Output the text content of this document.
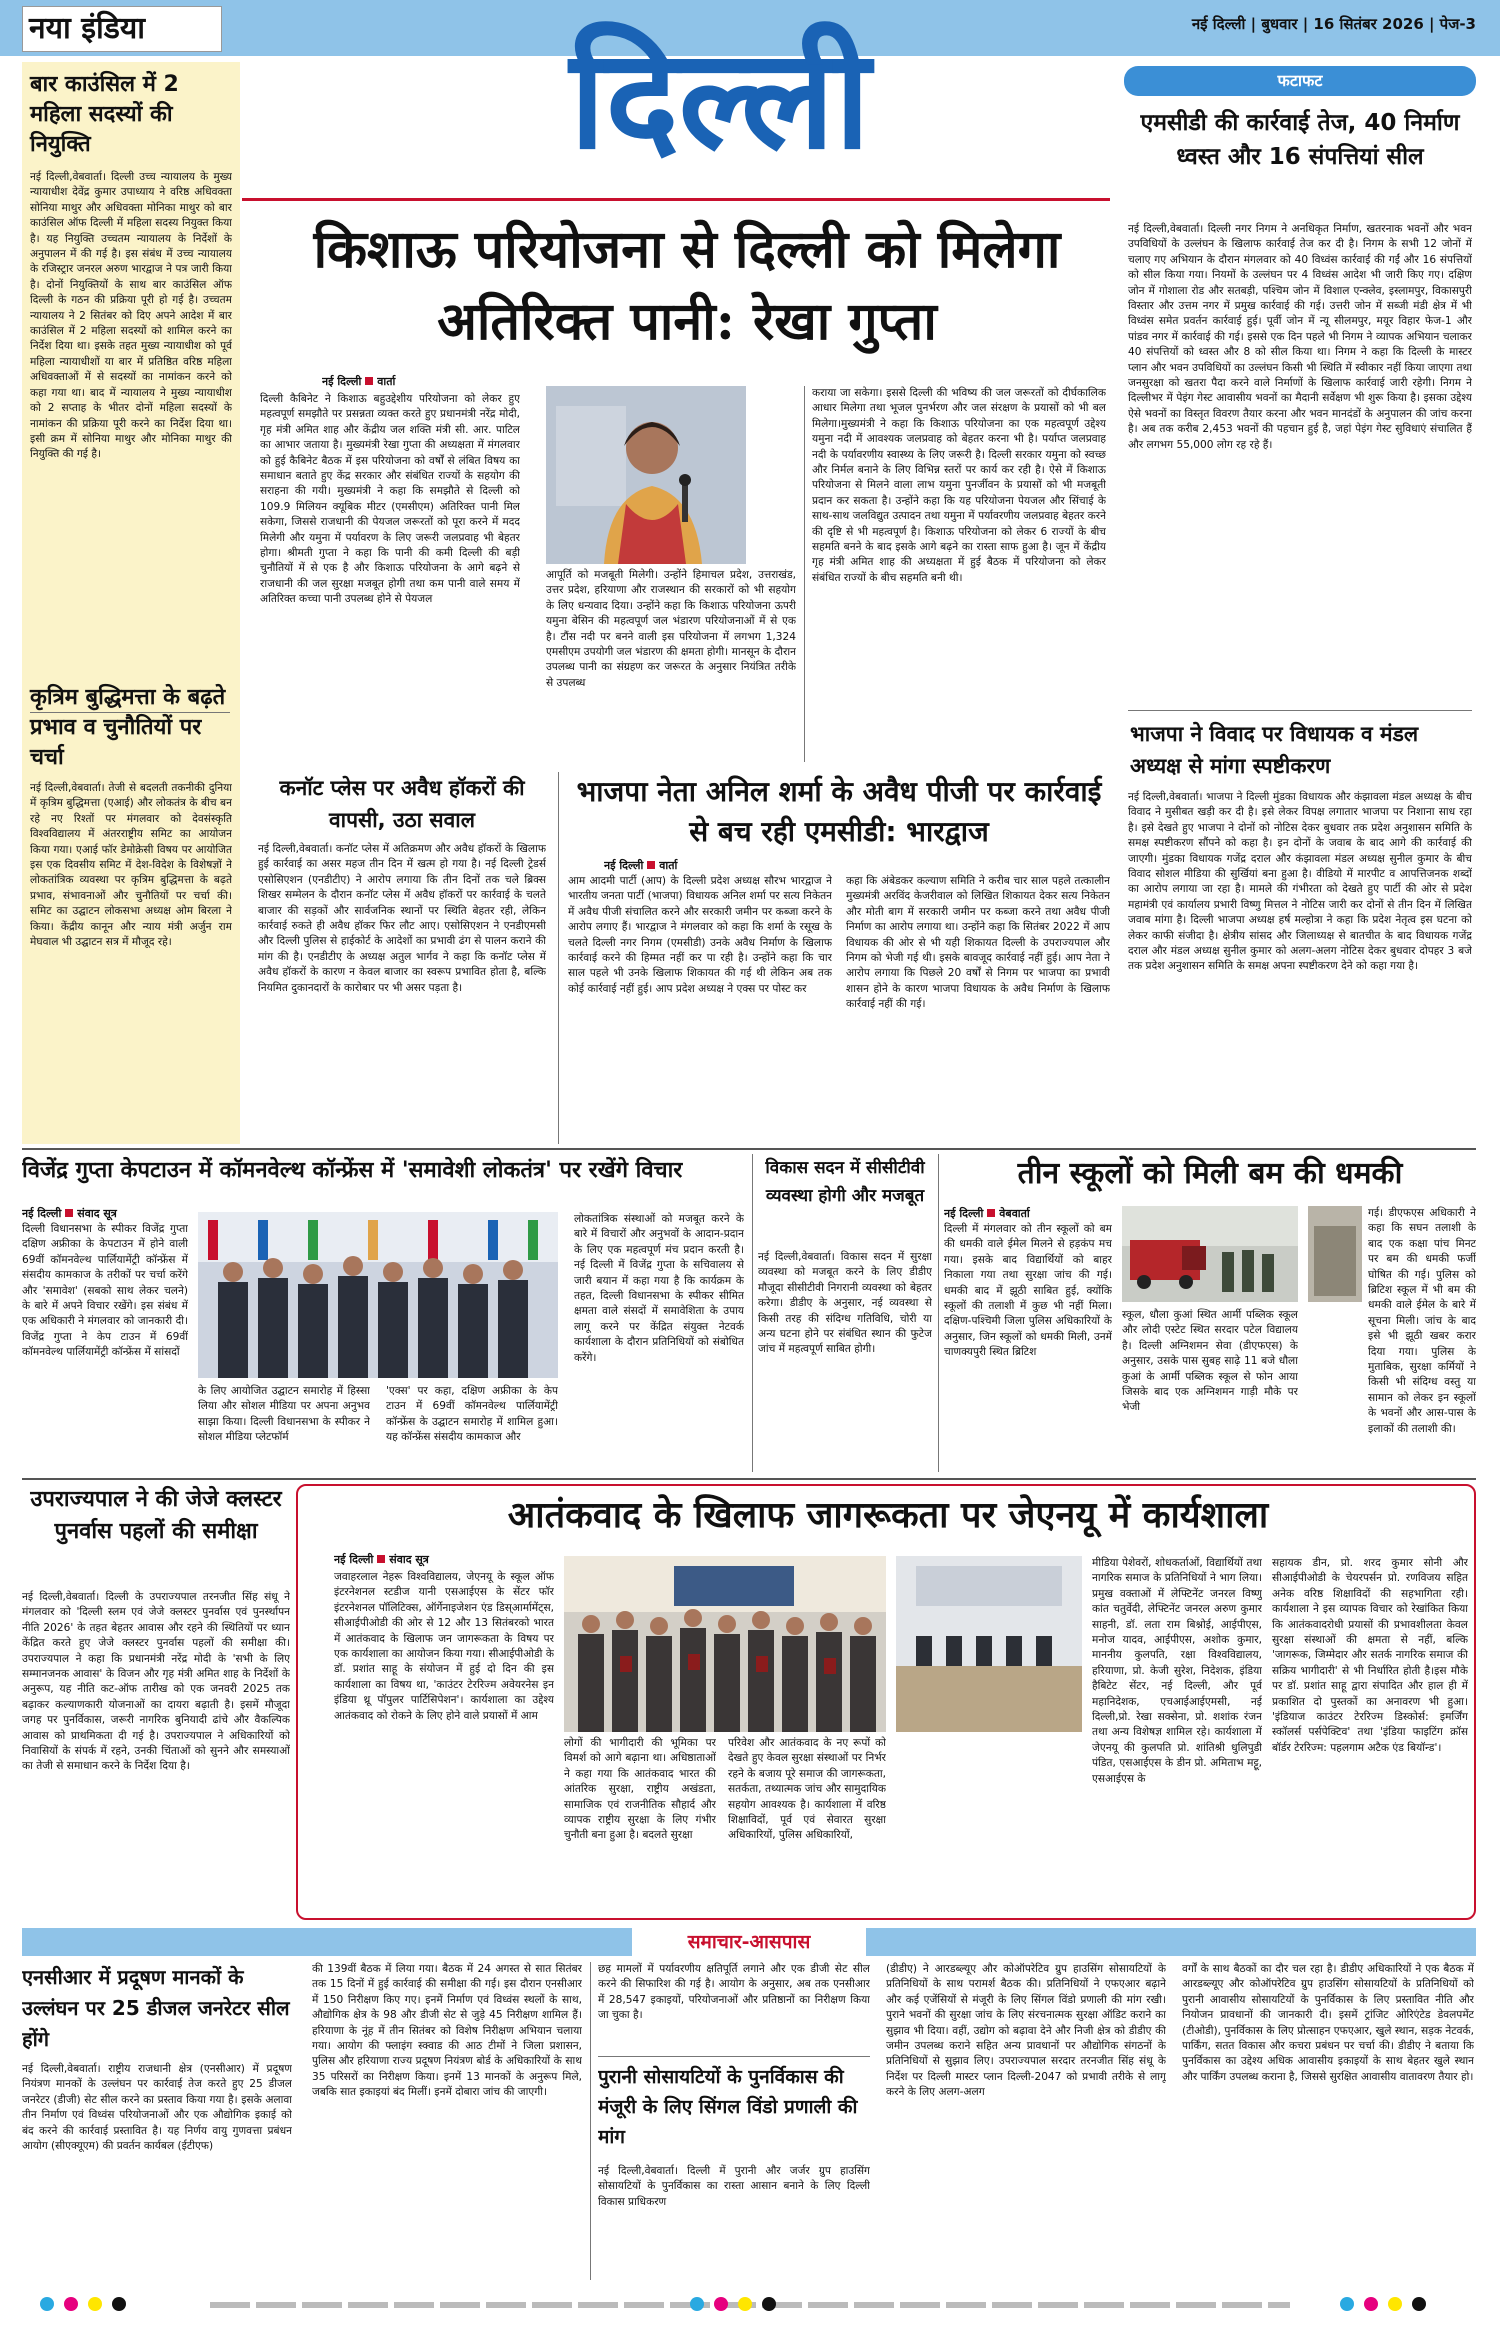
नया इंडिया	नई दिल्ली | बुधवार | 16 सितंबर 2026 | पेज-3
दिल्ली
बार काउंसिल में 2 महिला सदस्यों की नियुक्ति

नई दिल्ली,वेबवार्ता। दिल्ली उच्च न्यायालय के मुख्य न्यायाधीश देवेंद्र कुमार उपाध्याय ने वरिष्ठ अधिवक्ता सोनिया माथुर और अधिवक्ता मोनिका माथुर को बार काउंसिल ऑफ दिल्ली में महिला सदस्य नियुक्त किया है। यह नियुक्ति उच्चतम न्यायालय के निर्देशों के अनुपालन में की गई है। इस संबंध में उच्च न्यायालय के रजिस्ट्रार जनरल अरुण भारद्वाज ने पत्र जारी किया है। दोनों नियुक्तियों के साथ बार काउंसिल ऑफ दिल्ली के गठन की प्रक्रिया पूरी हो गई है। उच्चतम न्यायालय ने 2 सितंबर को दिए अपने आदेश में बार काउंसिल में 2 महिला सदस्यों को शामिल करने का निर्देश दिया था। इसके तहत मुख्य न्यायाधीश को पूर्व महिला न्यायाधीशों या बार में प्रतिष्ठित वरिष्ठ महिला अधिवक्ताओं में से सदस्यों का नामांकन करने को कहा गया था। बाद में न्यायालय ने मुख्य न्यायाधीश को 2 सप्ताह के भीतर दोनों महिला सदस्यों के नामांकन की प्रक्रिया पूरी करने का निर्देश दिया था। इसी क्रम में सोनिया माथुर और मोनिका माथुर की नियुक्ति की गई है।

कृत्रिम बुद्धिमत्ता के बढ़ते प्रभाव व चुनौतियों पर चर्चा

नई दिल्ली,वेबवार्ता। तेजी से बदलती तकनीकी दुनिया में कृत्रिम बुद्धिमत्ता (एआई) और लोकतंत्र के बीच बन रहे नए रिश्तों पर मंगलवार को देवसंस्कृति विश्वविद्यालय में अंतरराष्ट्रीय समिट का आयोजन किया गया। एआई फॉर डेमोक्रेसी विषय पर आयोजित इस एक दिवसीय समिट में देश-विदेश के विशेषज्ञों ने लोकतांत्रिक व्यवस्था पर कृत्रिम बुद्धिमत्ता के बढ़ते प्रभाव, संभावनाओं और चुनौतियों पर चर्चा की। समिट का उद्घाटन लोकसभा अध्यक्ष ओम बिरला ने किया। केंद्रीय कानून और न्याय मंत्री अर्जुन राम मेघवाल भी उद्घाटन सत्र में मौजूद रहे।

किशाऊ परियोजना से दिल्ली को मिलेगा अतिरिक्त पानी: रेखा गुप्ता
नई दिल्ली वार्ता

दिल्ली कैबिनेट ने किशाऊ बहुउद्देशीय परियोजना को लेकर हुए महत्वपूर्ण समझौते पर प्रसन्नता व्यक्त करते हुए प्रधानमंत्री नरेंद्र मोदी, गृह मंत्री अमित शाह और केंद्रीय जल शक्ति मंत्री सी. आर. पाटिल का आभार जताया है। मुख्यमंत्री रेखा गुप्ता की अध्यक्षता में मंगलवार को हुई कैबिनेट बैठक में इस परियोजना को वर्षों से लंबित विषय का समाधान बताते हुए केंद्र सरकार और संबंधित राज्यों के सहयोग की सराहना की गयी। मुख्यमंत्री ने कहा कि समझौते से दिल्ली को 109.9 मिलियन क्यूबिक मीटर (एमसीएम) अतिरिक्त पानी मिल सकेगा, जिससे राजधानी की पेयजल जरूरतों को पूरा करने में मदद मिलेगी और यमुना में पर्यावरण के लिए जरूरी जलप्रवाह भी बेहतर होगा। श्रीमती गुप्ता ने कहा कि पानी की कमी दिल्ली की बड़ी चुनौतियों में से एक है और किशाऊ परियोजना के आगे बढ़ने से राजधानी की जल सुरक्षा मजबूत होगी तथा कम पानी वाले समय में अतिरिक्त कच्चा पानी उपलब्ध होने से पेयजल

आपूर्ति को मजबूती मिलेगी। उन्होंने हिमाचल प्रदेश, उत्तराखंड, उत्तर प्रदेश, हरियाणा और राजस्थान की सरकारों को भी सहयोग के लिए धन्यवाद दिया। उन्होंने कहा कि किशाऊ परियोजना ऊपरी यमुना बेसिन की महत्वपूर्ण जल भंडारण परियोजनाओं में से एक है। टौंस नदी पर बनने वाली इस परियोजना में लगभग 1,324 एमसीएम उपयोगी जल भंडारण की क्षमता होगी। मानसून के दौरान उपलब्ध पानी का संग्रहण कर जरूरत के अनुसार नियंत्रित तरीके से उपलब्ध

कराया जा सकेगा। इससे दिल्ली की भविष्य की जल जरूरतों को दीर्घकालिक आधार मिलेगा तथा भूजल पुनर्भरण और जल संरक्षण के प्रयासों को भी बल मिलेगा।मुख्यमंत्री ने कहा कि किशाऊ परियोजना का एक महत्वपूर्ण उद्देश्य यमुना नदी में आवश्यक जलप्रवाह को बेहतर करना भी है। पर्याप्त जलप्रवाह नदी के पर्यावरणीय स्वास्थ्य के लिए जरूरी है। दिल्ली सरकार यमुना को स्वच्छ और निर्मल बनाने के लिए विभिन्न स्तरों पर कार्य कर रही है। ऐसे में किशाऊ परियोजना से मिलने वाला लाभ यमुना पुनर्जीवन के प्रयासों को भी मजबूती प्रदान कर सकता है। उन्होंने कहा कि यह परियोजना पेयजल और सिंचाई के साथ-साथ जलविद्युत उत्पादन तथा यमुना में पर्यावरणीय जलप्रवाह बेहतर करने की दृष्टि से भी महत्वपूर्ण है। किशाऊ परियोजना को लेकर 6 राज्यों के बीच सहमति बनने के बाद इसके आगे बढ़ने का रास्ता साफ हुआ है। जून में केंद्रीय गृह मंत्री अमित शाह की अध्यक्षता में हुई बैठक में परियोजना को लेकर संबंधित राज्यों के बीच सहमति बनी थी।

फटाफट
एमसीडी की कार्रवाई तेज, 40 निर्माण ध्वस्त और 16 संपत्तियां सील

नई दिल्ली,वेबवार्ता। दिल्ली नगर निगम ने अनधिकृत निर्माण, खतरनाक भवनों और भवन उपविधियों के उल्लंघन के खिलाफ कार्रवाई तेज कर दी है। निगम के सभी 12 जोनों में चलाए गए अभियान के दौरान मंगलवार को 40 विध्वंस कार्रवाई की गईं और 16 संपत्तियों को सील किया गया। नियमों के उल्लंघन पर 4 विध्वंस आदेश भी जारी किए गए। दक्षिण जोन में गोशाला रोड और सतबड़ी, पश्चिम जोन में विशाल एन्क्लेव, इस्लामपुर, विकासपुरी विस्तार और उत्तम नगर में प्रमुख कार्रवाई की गई। उत्तरी जोन में सब्जी मंडी क्षेत्र में भी विध्वंस समेत प्रवर्तन कार्रवाई हुई। पूर्वी जोन में न्यू सीलमपुर, मयूर विहार फेज-1 और पांडव नगर में कार्रवाई की गई। इससे एक दिन पहले भी निगम ने व्यापक अभियान चलाकर 40 संपत्तियों को ध्वस्त और 8 को सील किया था। निगम ने कहा कि दिल्ली के मास्टर प्लान और भवन उपविधियों का उल्लंघन किसी भी स्थिति में स्वीकार नहीं किया जाएगा तथा जनसुरक्षा को खतरा पैदा करने वाले निर्माणों के खिलाफ कार्रवाई जारी रहेगी। निगम ने दिल्लीभर में पेइंग गेस्ट आवासीय भवनों का मैदानी सर्वेक्षण भी शुरू किया है। इसका उद्देश्य ऐसे भवनों का विस्तृत विवरण तैयार करना और भवन मानदंडों के अनुपालन की जांच करना है। अब तक करीब 2,453 भवनों की पहचान हुई है, जहां पेइंग गेस्ट सुविधाएं संचालित हैं और लगभग 55,000 लोग रह रहे हैं।

भाजपा ने विवाद पर विधायक व मंडल अध्यक्ष से मांगा स्पष्टीकरण

नई दिल्ली,वेबवार्ता। भाजपा ने दिल्ली मुंडका विधायक और कंझावला मंडल अध्यक्ष के बीच विवाद ने मुसीबत खड़ी कर दी है। इसे लेकर विपक्ष लगातार भाजपा पर निशाना साध रहा है। इसे देखते हुए भाजपा ने दोनों को नोटिस देकर बुधवार तक प्रदेश अनुशासन समिति के समक्ष स्पष्टीकरण सौंपने को कहा है। इन दोनों के जवाब के बाद आगे की कार्रवाई की जाएगी। मुंडका विधायक गजेंद्र दराल और कंझावला मंडल अध्यक्ष सुनील कुमार के बीच विवाद सोशल मीडिया की सुर्खियां बना हुआ है। वीडियो में मारपीट व आपत्तिजनक शब्दों का आरोप लगाया जा रहा है। मामले की गंभीरता को देखते हुए पार्टी की ओर से प्रदेश महामंत्री एवं कार्यालय प्रभारी विष्णु मित्तल ने नोटिस जारी कर दोनों से तीन दिन में लिखित जवाब मांगा है। दिल्ली भाजपा अध्यक्ष हर्ष मल्होत्रा ने कहा कि प्रदेश नेतृत्व इस घटना को लेकर काफी संजीदा है। क्षेत्रीय सांसद और जिलाध्यक्ष से बातचीत के बाद विधायक गजेंद्र दराल और मंडल अध्यक्ष सुनील कुमार को अलग-अलग नोटिस देकर बुधवार दोपहर 3 बजे तक प्रदेश अनुशासन समिति के समक्ष अपना स्पष्टीकरण देने को कहा गया है।

कनॉट प्लेस पर अवैध हॉकरों की वापसी, उठा सवाल

नई दिल्ली,वेबवार्ता। कनॉट प्लेस में अतिक्रमण और अवैध हॉकरों के खिलाफ हुई कार्रवाई का असर महज तीन दिन में खत्म हो गया है। नई दिल्ली ट्रेडर्स एसोसिएशन (एनडीटीए) ने आरोप लगाया कि तीन दिनों तक चले ब्रिक्स शिखर सम्मेलन के दौरान कनॉट प्लेस में अवैध हॉकरों पर कार्रवाई के चलते बाजार की सड़कों और सार्वजनिक स्थानों पर स्थिति बेहतर रही, लेकिन कार्रवाई रुकते ही अवैध हॉकर फिर लौट आए। एसोसिएशन ने एनडीएमसी और दिल्ली पुलिस से हाईकोर्ट के आदेशों का प्रभावी ढंग से पालन कराने की मांग की है। एनडीटीए के अध्यक्ष अतुल भार्गव ने कहा कि कनॉट प्लेस में अवैध हॉकरों के कारण न केवल बाजार का स्वरूप प्रभावित होता है, बल्कि नियमित दुकानदारों के कारोबार पर भी असर पड़ता है।

भाजपा नेता अनिल शर्मा के अवैध पीजी पर कार्रवाई से बच रही एमसीडी: भारद्वाज
नई दिल्ली वार्ता

आम आदमी पार्टी (आप) के दिल्ली प्रदेश अध्यक्ष सौरभ भारद्वाज ने भारतीय जनता पार्टी (भाजपा) विधायक अनिल शर्मा पर सत्य निकेतन में अवैध पीजी संचालित करने और सरकारी जमीन पर कब्जा करने के आरोप लगाए हैं। भारद्वाज ने मंगलवार को कहा कि शर्मा के रसूख के चलते दिल्ली नगर निगम (एमसीडी) उनके अवैध निर्माण के खिलाफ कार्रवाई करने की हिम्मत नहीं कर पा रही है। उन्होंने कहा कि चार साल पहले भी उनके खिलाफ शिकायत की गई थी लेकिन अब तक कोई कार्रवाई नहीं हुई। आप प्रदेश अध्यक्ष ने एक्स पर पोस्ट कर

कहा कि अंबेडकर कल्याण समिति ने करीब चार साल पहले तत्कालीन मुख्यमंत्री अरविंद केजरीवाल को लिखित शिकायत देकर सत्य निकेतन और मोती बाग में सरकारी जमीन पर कब्जा करने तथा अवैध पीजी निर्माण का आरोप लगाया था। उन्होंने कहा कि सितंबर 2022 में आप विधायक की ओर से भी यही शिकायत दिल्ली के उपराज्यपाल और निगम को भेजी गई थी। इसके बावजूद कार्रवाई नहीं हुई। आप नेता ने आरोप लगाया कि पिछले 20 वर्षों से निगम पर भाजपा का प्रभावी शासन होने के कारण भाजपा विधायक के अवैध निर्माण के खिलाफ कार्रवाई नहीं की गई।

विजेंद्र गुप्ता केपटाउन में कॉमनवेल्थ कॉन्फ्रेंस में 'समावेशी लोकतंत्र' पर रखेंगे विचार
नई दिल्ली संवाद सूत्र

दिल्ली विधानसभा के स्पीकर विजेंद्र गुप्ता दक्षिण अफ्रीका के केपटाउन में होने वाली 69वीं कॉमनवेल्थ पार्लियामेंट्री कॉन्फ्रेंस में संसदीय कामकाज के तरीकों पर चर्चा करेंगे और 'समावेश' (सबको साथ लेकर चलने) के बारे में अपने विचार रखेंगे। इस संबंध में एक अधिकारी ने मंगलवार को जानकारी दी। विजेंद्र गुप्ता ने केप टाउन में 69वीं कॉमनवेल्थ पार्लियामेंट्री कॉन्फ्रेंस में सांसदों

के लिए आयोजित उद्घाटन समारोह में हिस्सा लिया और सोशल मीडिया पर अपना अनुभव साझा किया। दिल्ली विधानसभा के स्पीकर ने सोशल मीडिया प्लेटफॉर्म

'एक्स' पर कहा, दक्षिण अफ्रीका के केप टाउन में 69वीं कॉमनवेल्थ पार्लियामेंट्री कॉन्फ्रेंस के उद्घाटन समारोह में शामिल हुआ। यह कॉन्फ्रेंस संसदीय कामकाज और

लोकतांत्रिक संस्थाओं को मजबूत करने के बारे में विचारों और अनुभवों के आदान-प्रदान के लिए एक महत्वपूर्ण मंच प्रदान करती है। नई दिल्ली में विजेंद्र गुप्ता के सचिवालय से जारी बयान में कहा गया है कि कार्यक्रम के तहत, दिल्ली विधानसभा के स्पीकर सीमित क्षमता वाले संसदों में समावेशिता के उपाय लागू करने पर केंद्रित संयुक्त नेटवर्क कार्यशाला के दौरान प्रतिनिधियों को संबोधित करेंगे।

विकास सदन में सीसीटीवी व्यवस्था होगी और मजबूत

नई दिल्ली,वेबवार्ता। विकास सदन में सुरक्षा व्यवस्था को मजबूत करने के लिए डीडीए मौजूदा सीसीटीवी निगरानी व्यवस्था को बेहतर करेगा। डीडीए के अनुसार, नई व्यवस्था से किसी तरह की संदिग्ध गतिविधि, चोरी या अन्य घटना होने पर संबंधित स्थान की फुटेज जांच में महत्वपूर्ण साबित होगी।

तीन स्कूलों को मिली बम की धमकी
नई दिल्ली वेबवार्ता

दिल्ली में मंगलवार को तीन स्कूलों को बम की धमकी वाले ईमेल मिलने से हड़कंप मच गया। इसके बाद विद्यार्थियों को बाहर निकाला गया तथा सुरक्षा जांच की गई। धमकी बाद में झूठी साबित हुई, क्योंकि स्कूलों की तलाशी में कुछ भी नहीं मिला। दक्षिण-पश्चिमी जिला पुलिस अधिकारियों के अनुसार, जिन स्कूलों को धमकी मिली, उनमें चाणक्यपुरी स्थित ब्रिटिश

स्कूल, धौला कुआं स्थित आर्मी पब्लिक स्कूल और लोदी एस्टेट स्थित सरदार पटेल विद्यालय है। दिल्ली अग्निशमन सेवा (डीएफएस) के अनुसार, उसके पास सुबह साढ़े 11 बजे धौला कुआं के आर्मी पब्लिक स्कूल से फोन आया जिसके बाद एक अग्निशमन गाड़ी मौके पर भेजी

गई। डीएफएस अधिकारी ने कहा कि सघन तलाशी के बाद एक कक्षा पांच मिनट पर बम की धमकी फर्जी घोषित की गई। पुलिस को ब्रिटिश स्कूल में भी बम की धमकी वाले ईमेल के बारे में सूचना मिली। जांच के बाद इसे भी झूठी खबर करार दिया गया। पुलिस के मुताबिक, सुरक्षा कर्मियों ने किसी भी संदिग्ध वस्तु या सामान को लेकर इन स्कूलों के भवनों और आस-पास के इलाकों की तलाशी की।

उपराज्यपाल ने की जेजे क्लस्टर पुनर्वास पहलों की समीक्षा

नई दिल्ली,वेबवार्ता। दिल्ली के उपराज्यपाल तरनजीत सिंह संधू ने मंगलवार को 'दिल्ली स्लम एवं जेजे क्लस्टर पुनर्वास एवं पुनर्स्थापन नीति 2026' के तहत बेहतर आवास और रहने की स्थितियों पर ध्यान केंद्रित करते हुए जेजे क्लस्टर पुनर्वास पहलों की समीक्षा की। उपराज्यपाल ने कहा कि प्रधानमंत्री नरेंद्र मोदी के 'सभी के लिए सम्मानजनक आवास' के विजन और गृह मंत्री अमित शाह के निर्देशों के अनुरूप, यह नीति कट-ऑफ तारीख को एक जनवरी 2025 तक बढ़ाकर कल्याणकारी योजनाओं का दायरा बढ़ाती है। इसमें मौजूदा जगह पर पुनर्विकास, जरूरी नागरिक बुनियादी ढांचे और वैकल्पिक आवास को प्राथमिकता दी गई है। उपराज्यपाल ने अधिकारियों को निवासियों के संपर्क में रहने, उनकी चिंताओं को सुनने और समस्याओं का तेजी से समाधान करने के निर्देश दिया है।

आतंकवाद के खिलाफ जागरूकता पर जेएनयू में कार्यशाला
नई दिल्ली संवाद सूत्र

जवाहरलाल नेहरू विश्वविद्यालय, जेएनयू के स्कूल ऑफ इंटरनेशनल स्टडीज यानी एसआईएस के सेंटर फॉर इंटरनेशनल पॉलिटिक्स, ऑर्गेनाइजेशन एंड डिस्आर्मामेंट्स, सीआईपीओडी की ओर से 12 और 13 सितंबरको भारत में आतंकवाद के खिलाफ जन जागरूकता के विषय पर एक कार्यशाला का आयोजन किया गया। सीआईपीओडी के डॉ. प्रशांत साहू के संयोजन में हुई दो दिन की इस कार्यशाला का विषय था, 'काउंटर टेररिज्म अवेयरनेस इन इंडिया थ्रू पॉपुलर पार्टिसिपेशन'। कार्यशाला का उद्देश्य आतंकवाद को रोकने के लिए होने वाले प्रयासों में आम

लोगों की भागीदारी की भूमिका पर विमर्श को आगे बढ़ाना था। अधिष्ठाताओं ने कहा गया कि आतंकवाद भारत की आंतरिक सुरक्षा, राष्ट्रीय अखंडता, सामाजिक एवं राजनीतिक सौहार्द और व्यापक राष्ट्रीय सुरक्षा के लिए गंभीर चुनौती बना हुआ है। बदलते सुरक्षा

परिवेश और आतंकवाद के नए रूपों को देखते हुए केवल सुरक्षा संस्थाओं पर निर्भर रहने के बजाय पूरे समाज की जागरूकता, सतर्कता, तथ्यात्मक जांच और सामुदायिक सहयोग आवश्यक है। कार्यशाला में वरिष्ठ शिक्षाविदों, पूर्व एवं सेवारत सुरक्षा अधिकारियों, पुलिस अधिकारियों,

मीडिया पेशेवरों, शोधकर्ताओं, विद्यार्थियों तथा नागरिक समाज के प्रतिनिधियों ने भाग लिया। प्रमुख वक्ताओं में लेफ्टिनेंट जनरल विष्णु कांत चतुर्वेदी, लेफ्टिनेंट जनरल अरुण कुमार साहनी, डॉ. लता राम बिश्नोई, आईपीएस, मनोज यादव, आईपीएस, अशोक कुमार, माननीय कुलपति, रक्षा विश्वविद्यालय, हरियाणा, प्रो. केजी सुरेश, निदेशक, इंडिया हैबिटेट सेंटर, नई दिल्ली, और पूर्व महानिदेशक, एचआईआईएमसी, नई दिल्ली,प्रो. रेखा सक्सेना, प्रो. शशांक रंजन तथा अन्य विशेषज्ञ शामिल रहे। कार्यशाला में जेएनयू की कुलपति प्रो. शांतिश्री धुलिपुडी पंडित, एसआईएस के डीन प्रो. अमिताभ मट्टू, एसआईएस के

सहायक डीन, प्रो. शरद कुमार सोनी और सीआईपीओडी के चेयरपर्सन प्रो. रणविजय सहित अनेक वरिष्ठ शिक्षाविदों की सहभागिता रही। कार्यशाला ने इस व्यापक विचार को रेखांकित किया कि आतंकवादरोधी प्रयासों की प्रभावशीलता केवल सुरक्षा संस्थाओं की क्षमता से नहीं, बल्कि 'जागरूक, जिम्मेदार और सतर्क नागरिक समाज की सक्रिय भागीदारी' से भी निर्धारित होती है।इस मौके पर डॉ. प्रशांत साहू द्वारा संपादित और हाल ही में प्रकाशित दो पुस्तकों का अनावरण भी हुआ। 'इंडियाज काउंटर टेररिज्म डिस्कोर्स: इमर्जिंग स्कॉलर्स पर्सपेक्टिव' तथा 'इंडिया फाइटिंग क्रॉस बॉर्डर टेररिज्म: पहलगाम अटैक एंड बियॉन्ड'।

समाचार-आसपास
एनसीआर में प्रदूषण मानकों के उल्लंघन पर 25 डीजल जनरेटर सील होंगे

नई दिल्ली,वेबवार्ता। राष्ट्रीय राजधानी क्षेत्र (एनसीआर) में प्रदूषण नियंत्रण मानकों के उल्लंघन पर कार्रवाई तेज करते हुए 25 डीजल जनरेटर (डीजी) सेट सील करने का प्रस्ताव किया गया है। इसके अलावा तीन निर्माण एवं विध्वंस परियोजनाओं और एक औद्योगिक इकाई को बंद करने की कार्रवाई प्रस्तावित है। यह निर्णय वायु गुणवत्ता प्रबंधन आयोग (सीएक्यूएम) की प्रवर्तन कार्यबल (ईटीएफ)

की 139वीं बैठक में लिया गया। बैठक में 24 अगस्त से सात सितंबर तक 15 दिनों में हुई कार्रवाई की समीक्षा की गई। इस दौरान एनसीआर में 150 निरीक्षण किए गए। इनमें निर्माण एवं विध्वंस स्थलों के साथ, औद्योगिक क्षेत्र के 98 और डीजी सेट से जुड़े 45 निरीक्षण शामिल हैं। हरियाणा के नूंह में तीन सितंबर को विशेष निरीक्षण अभियान चलाया गया। आयोग की फ्लाइंग स्क्वाड की आठ टीमों ने जिला प्रशासन, पुलिस और हरियाणा राज्य प्रदूषण नियंत्रण बोर्ड के अधिकारियों के साथ 35 परिसरों का निरीक्षण किया। इनमें 13 मानकों के अनुरूप मिले, जबकि सात इकाइयां बंद मिलीं। इनमें दोबारा जांच की जाएगी।

छह मामलों में पर्यावरणीय क्षतिपूर्ति लगाने और एक डीजी सेट सील करने की सिफारिश की गई है। आयोग के अनुसार, अब तक एनसीआर में 28,547 इकाइयों, परियोजनाओं और प्रतिष्ठानों का निरीक्षण किया जा चुका है।

पुरानी सोसायटियों के पुनर्विकास की मंजूरी के लिए सिंगल विंडो प्रणाली की मांग

नई दिल्ली,वेबवार्ता। दिल्ली में पुरानी और जर्जर ग्रुप हाउसिंग सोसायटियों के पुनर्विकास का रास्ता आसान बनाने के लिए दिल्ली विकास प्राधिकरण

(डीडीए) ने आरडब्ल्यूए और कोऑपरेटिव ग्रुप हाउसिंग सोसायटियों के प्रतिनिधियों के साथ परामर्श बैठक की। प्रतिनिधियों ने एफएआर बढ़ाने और कई एजेंसियों से मंजूरी के लिए सिंगल विंडो प्रणाली की मांग रखी। पुराने भवनों की सुरक्षा जांच के लिए संरचनात्मक सुरक्षा ऑडिट कराने का सुझाव भी दिया। वहीं, उद्योग को बढ़ावा देने और निजी क्षेत्र को डीडीए की जमीन उपलब्ध कराने सहित अन्य प्रावधानों पर औद्योगिक संगठनों के प्रतिनिधियों से सुझाव लिए। उपराज्यपाल सरदार तरनजीत सिंह संधू के निर्देश पर दिल्ली मास्टर प्लान दिल्ली-2047 को प्रभावी तरीके से लागू करने के लिए अलग-अलग

वर्गों के साथ बैठकों का दौर चल रहा है। डीडीए अधिकारियों ने एक बैठक में आरडब्ल्यूए और कोऑपरेटिव ग्रुप हाउसिंग सोसायटियों के प्रतिनिधियों को पुरानी आवासीय सोसायटियों के पुनर्विकास के लिए प्रस्तावित नीति और नियोजन प्रावधानों की जानकारी दी। इसमें ट्रांजिट ओरिएंटेड डेवलपमेंट (टीओडी), पुनर्विकास के लिए प्रोत्साहन एफएआर, खुले स्थान, सड़क नेटवर्क, पार्किंग, सतत विकास और कचरा प्रबंधन पर चर्चा की। डीडीए ने बताया कि पुनर्विकास का उद्देश्य अधिक आवासीय इकाइयों के साथ बेहतर खुले स्थान और पार्किंग उपलब्ध कराना है, जिससे सुरक्षित आवासीय वातावरण तैयार हो।
